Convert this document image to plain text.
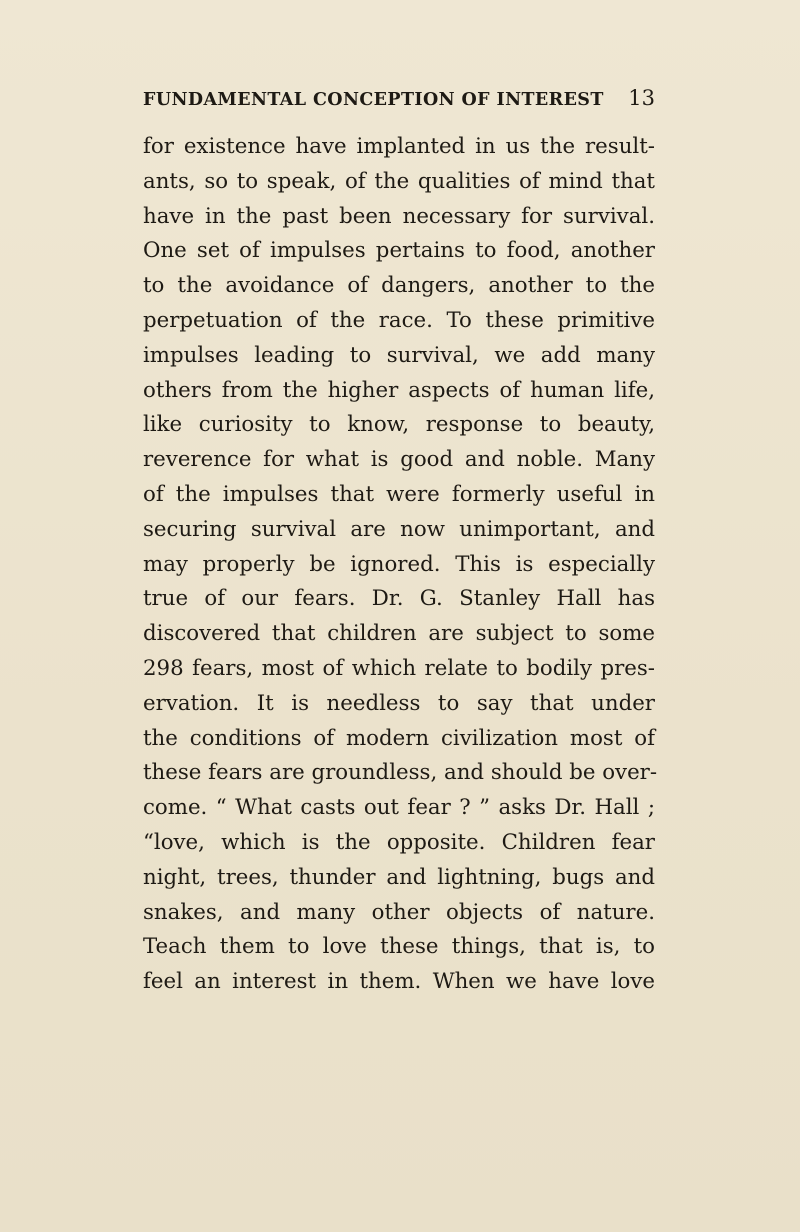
FUNDAMENTAL CONCEPTION OF INTEREST 13
for existence have implanted in us the result-
ants, so to speak, of the qualities of mind that
have in the past been necessary for survival.
One set of impulses pertains to food, another
to the avoidance of dangers, another to the
perpetuation of the race. To these primitive
impulses leading to survival, we add many
others from the higher aspects of human life,
like curiosity to know, response to beauty,
reverence for what is good and noble. Many
of the impulses that were formerly useful in
securing survival are now unimportant, and
may properly be ignored. This is especially
true of our fears. Dr. G. Stanley Hall has
discovered that children are subject to some
298 fears, most of which relate to bodily pres-
ervation. It is needless to say that under
the conditions of modern civilization most of
these fears are groundless, and should be over-
come. “ What casts out fear ? ” asks Dr. Hall ;
“love, which is the opposite. Children fear
night, trees, thunder and lightning, bugs and
snakes, and many other objects of nature.
Teach them to love these things, that is, to
feel an interest in them. When we have love
